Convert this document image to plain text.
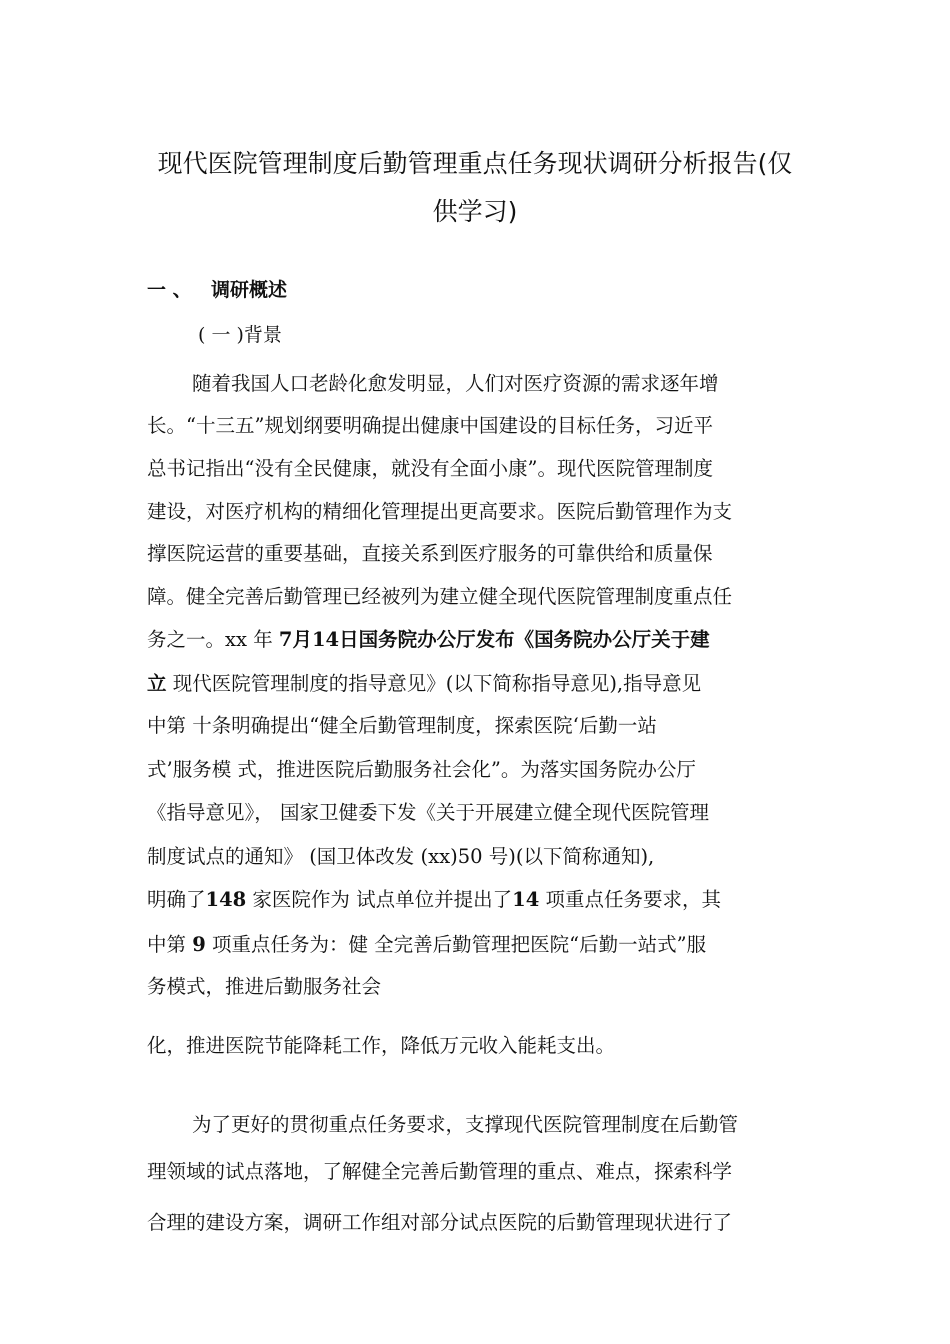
现代医院管理制度后勤管理重点任务现状调研分析报告(仅
供学习)
一 、 调研概述
( 一 )背景
随着我国人口老龄化愈发明显，人们对医疗资源的需求逐年增
长。“十三五”规划纲要明确提出健康中国建设的目标任务，习近平
总书记指出“没有全民健康，就没有全面小康”。现代医院管理制度
建设，对医疗机构的精细化管理提出更高要求。医院后勤管理作为支
撑医院运营的重要基础，直接关系到医疗服务的可靠供给和质量保
障。健全完善后勤管理已经被列为建立健全现代医院管理制度重点任
务之一。xx 年 7月14日国务院办公厅发布《国务院办公厅关于建
立 现代医院管理制度的指导意见》(以下简称指导意见),指导意见
中第 十条明确提出“健全后勤管理制度，探索医院‘后勤一站
式’服务模 式，推进医院后勤服务社会化”。为落实国务院办公厅
《指导意见》， 国家卫健委下发《关于开展建立健全现代医院管理
制度试点的通知》 (国卫体改发 (xx)50 号)(以下简称通知),
明确了148 家医院作为 试点单位并提出了14 项重点任务要求，其
中第 9 项重点任务为：健 全完善后勤管理把医院“后勤一站式”服
务模式，推进后勤服务社会
化，推进医院节能降耗工作，降低万元收入能耗支出。
为了更好的贯彻重点任务要求，支撑现代医院管理制度在后勤管
理领域的试点落地，了解健全完善后勤管理的重点、难点，探索科学
合理的建设方案，调研工作组对部分试点医院的后勤管理现状进行了
